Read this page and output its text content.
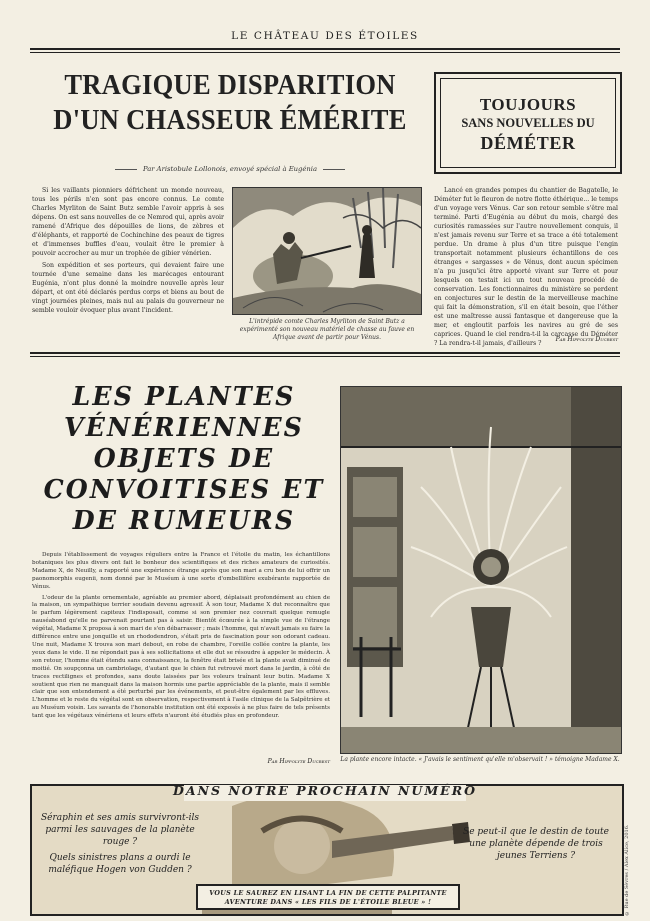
LE CHÂTEAU DES ÉTOILES
TRAGIQUE DISPARITION
D'UN CHASSEUR ÉMÉRITE
Par Aristobule Lollonois, envoyé spécial à Eugénia
TOUJOURS
SANS NOUVELLES DU
DÉMÉTER

Si les vaillants pionniers défrichent un monde nouveau, tous les périls n'en sont pas encore connus. Le comte Charles Myrliton de Saint Butz semble l'avoir appris à ses dépens. On est sans nouvelles de ce Nemrod qui, après avoir ramené d'Afrique des dépouilles de lions, de zèbres et d'éléphants, et rapporté de Cochinchine des peaux de tigres et d'immenses buffles d'eau, voulait être le premier à pouvoir accrocher au mur un trophée de gibier vénérien.

Son expédition et ses porteurs, qui devaient faire une tournée d'une semaine dans les marécages entourant Eugénia, n'ont plus donné la moindre nouvelle après leur départ, et ont été déclarés perdus corps et biens au bout de vingt journées pleines, mais nul au palais du gouverneur ne semble vouloir évoquer plus avant l'incident.

L'intrépide comte Charles Myrliton de Saint Butz a expérimenté son nouveau matériel de chasse au fauve en Afrique avant de partir pour Vénus.

Lancé en grandes pompes du chantier de Bagatelle, le Déméter fut le fleuron de notre flotte éthérique... le temps d'un voyage vers Vénus. Car son retour semble s'être mal terminé. Parti d'Eugénia au début du mois, chargé des curiosités ramassées sur l'autre nouvellement conquis, il n'est jamais revenu sur Terre et sa trace a été totalement perdue. Un drame à plus d'un titre puisque l'engin transportait notamment plusieurs échantillons de ces étranges « sargasses » de Vénus, dont aucun spécimen n'a pu jusqu'ici être apporté vivant sur Terre et pour lesquels on testait ici un tout nouveau procédé de conservation. Les fonctionnaires du ministère se perdent en conjectures sur le destin de la merveilleuse machine qui fait la démonstration, s'il en était besoin, que l'éther est une maîtresse aussi fantasque et dangereuse que la mer, et engloutit parfois les navires au gré de ses caprices. Quand le ciel rendra-t-il la carcasse du Déméter ? La rendra-t-il jamais, d'ailleurs ?

Par Hippolyte Ducrest
LES PLANTES
VÉNÉRIENNES
OBJETS DE
CONVOITISES ET
DE RUMEURS

Depuis l'établissement de voyages réguliers entre la France et l'étoile du matin, les échantillons botaniques les plus divers ont fait le bonheur des scientifiques et des riches amateurs de curiosités. Madame X, de Neuilly, a rapporté une expérience étrange après que son mari a cru bon de lui offrir un paonomorphis eugenii, nom donné par le Muséum à une sorte d'ombellifère exubérante rapportée de Vénus.

L'odeur de la plante ornementale, agréable au premier abord, déplaisait profondément au chien de la maison, un sympathique terrier soudain devenu agressif. À son tour, Madame X dut reconnaître que le parfum légèrement capiteux l'indisposait, comme si son premier nez couvrait quelque remugle nauséabond qu'elle ne parvenait pourtant pas à saisir. Bientôt écœurée à la simple vue de l'étrange végétal, Madame X proposa à son mari de s'en débarrasser ; mais l'homme, qui n'avait jamais su faire la différence entre une jonquille et un rhododendron, s'était pris de fascination pour son odorant cadeau. Une nuit, Madame X trouva son mari debout, en robe de chambre, l'oreille collée contre la plante, les yeux dans le vide. Il ne répondait pas à ses sollicitations et elle dut se résoudre à appeler le médecin. À son retour, l'homme était étendu sans connaissance, la fenêtre était brisée et la plante avait diminué de moitié. On soupçonna un cambriolage, d'autant que le chien fut retrouvé mort dans le jardin, à côté de traces rectilignes et profondes, sans doute laissées par les voleurs traînant leur butin. Madame X soutient que rien ne manquait dans la maison hormis une partie appréciable de la plante, mais il semble clair que son entendement a été perturbé par les événements, et peut-être également par les effluves. L'homme et le reste du végétal sont en observation, respectivement à l'asile clinique de la Salpêtrière et au Muséum voisin. Les savants de l'honorable institution ont été exposés à ne plus faire de tels présents tant que les végétaux vénériens et leurs effets n'auront été étudiés plus en profondeur.

Par Hippolyte Ducrest La plante encore intacte. « J'avais le sentiment qu'elle m'observait ! » témoigne Madame X.
DANS NOTRE PROCHAIN NUMÉRO
Séraphin et ses amis survivront-ils parmi les sauvages de la planète rouge ?
Quels sinistres plans a ourdi le maléfique Hogen von Gudden ?
Se peut-il que le destin de toute une planète dépende de trois jeunes Terriens ?
VOUS LE SAUREZ EN LISANT LA FIN DE CETTE PALPITANTE
AVENTURE DANS « LES FILS DE L'ÉTOILE BLEUE » !	© Rue de Sèvres / Alex Alice, 2016.
